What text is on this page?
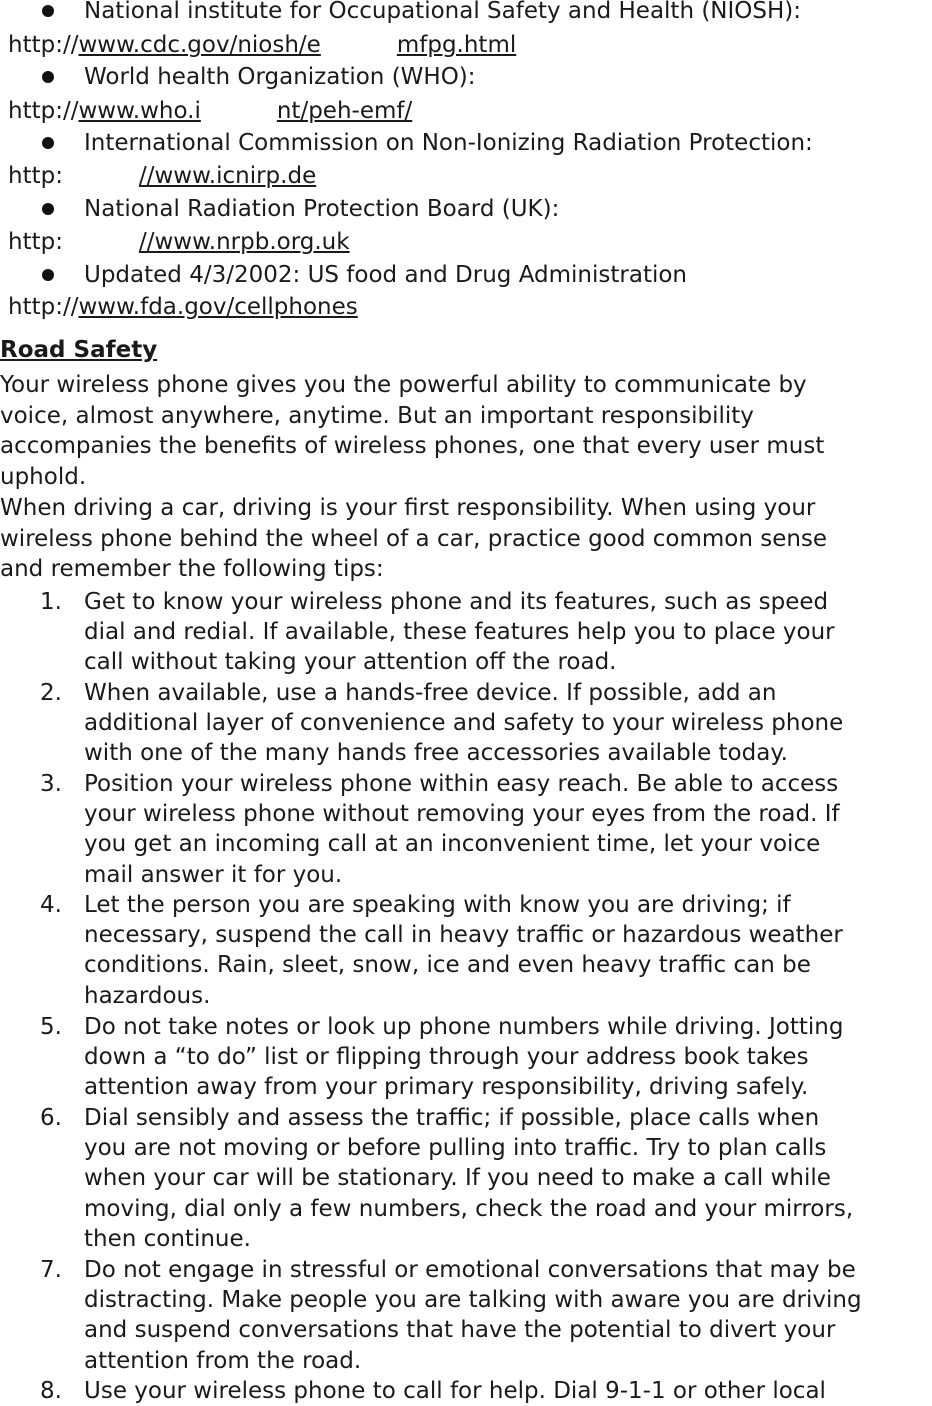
National institute for Occupational Safety and Health (NIOSH):
http://www.cdc.gov/niosh/e	mfpg.html
World health Organization (WHO):
http://www.who.i	nt/peh-emf/
International Commission on Non-Ionizing Radiation Protection:
http:	//www.icnirp.de
National Radiation Protection Board (UK):
http:	//www.nrpb.org.uk
Updated 4/3/2002: US food and Drug Administration
http://www.fda.gov/cellphones
Road Safety
Your wireless phone gives you the powerful ability to communicate by
voice, almost anywhere, anytime. But an important responsibility
accompanies the benefits of wireless phones, one that every user must
uphold.
When driving a car, driving is your first responsibility. When using your
wireless phone behind the wheel of a car, practice good common sense
and remember the following tips:
1. Get to know your wireless phone and its features, such as speed
dial and redial. If available, these features help you to place your
call without taking your attention off the road.
2. When available, use a hands-free device. If possible, add an
additional layer of convenience and safety to your wireless phone
with one of the many hands free accessories available today.
3. Position your wireless phone within easy reach. Be able to access
your wireless phone without removing your eyes from the road. If
you get an incoming call at an inconvenient time, let your voice
mail answer it for you.
4. Let the person you are speaking with know you are driving; if
necessary, suspend the call in heavy traffic or hazardous weather
conditions. Rain, sleet, snow, ice and even heavy traffic can be
hazardous.
5. Do not take notes or look up phone numbers while driving. Jotting
down a “to do” list or flipping through your address book takes
attention away from your primary responsibility, driving safely.
6. Dial sensibly and assess the traffic; if possible, place calls when
you are not moving or before pulling into traffic. Try to plan calls
when your car will be stationary. If you need to make a call while
moving, dial only a few numbers, check the road and your mirrors,
then continue.
7. Do not engage in stressful or emotional conversations that may be
distracting. Make people you are talking with aware you are driving
and suspend conversations that have the potential to divert your
attention from the road.
8. Use your wireless phone to call for help. Dial 9-1-1 or other local
